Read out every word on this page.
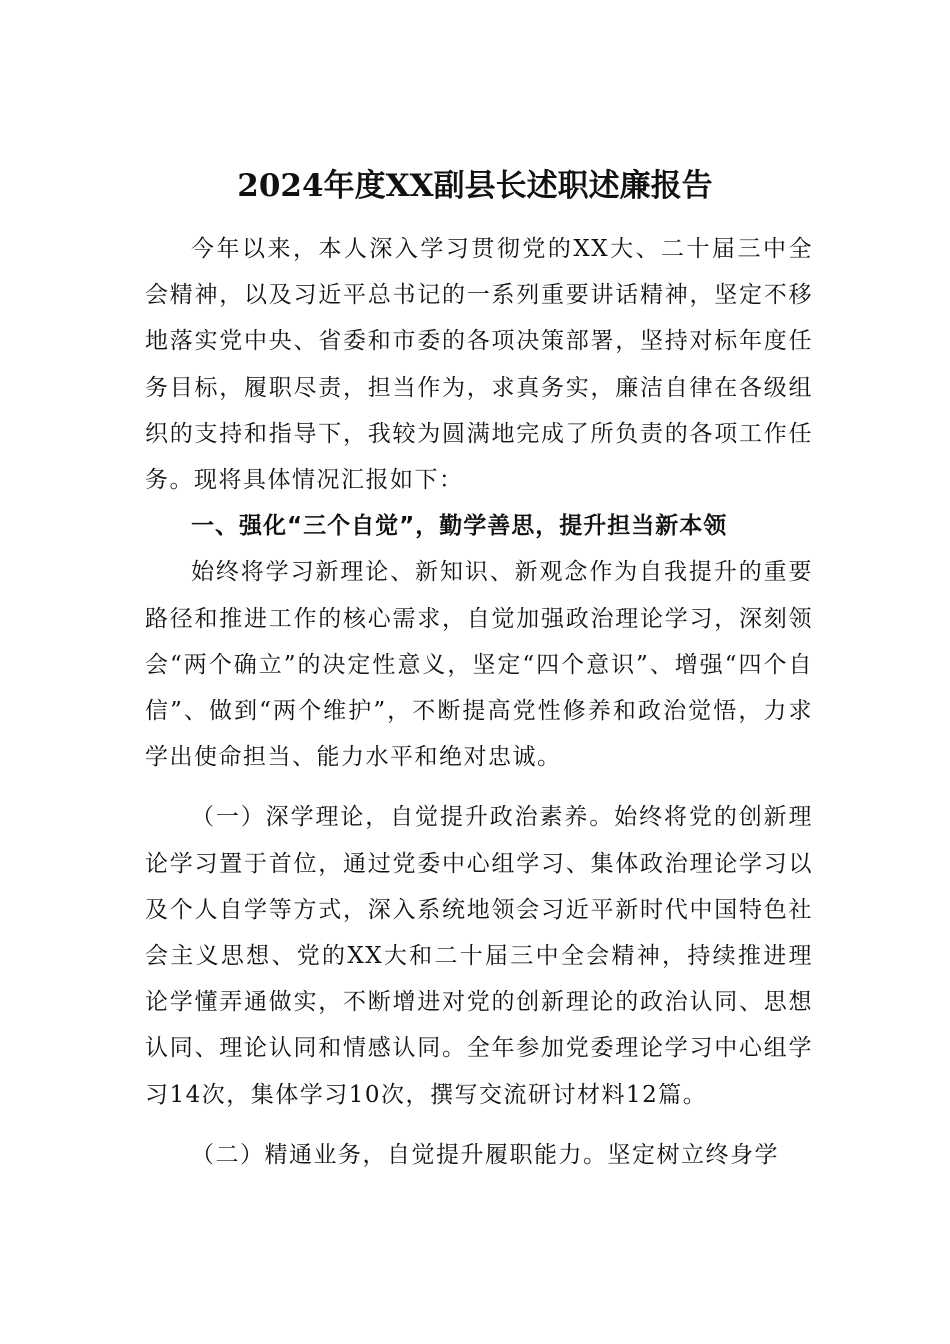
2024年度XX副县长述职述廉报告

今年以来，本人深入学习贯彻党的XX大、二十届三中全会精神，以及习近平总书记的一系列重要讲话精神，坚定不移地落实党中央、省委和市委的各项决策部署，坚持对标年度任务目标，履职尽责，担当作为，求真务实，廉洁自律在各级组织的支持和指导下，我较为圆满地完成了所负责的各项工作任务。现将具体情况汇报如下：

一、强化“三个自觉”，勤学善思，提升担当新本领

始终将学习新理论、新知识、新观念作为自我提升的重要路径和推进工作的核心需求，自觉加强政治理论学习，深刻领会“两个确立”的决定性意义，坚定“四个意识”、增强“四个自信”、做到“两个维护”，不断提高党性修养和政治觉悟，力求学出使命担当、能力水平和绝对忠诚。

（一）深学理论，自觉提升政治素养。始终将党的创新理论学习置于首位，通过党委中心组学习、集体政治理论学习以及个人自学等方式，深入系统地领会习近平新时代中国特色社会主义思想、党的XX大和二十届三中全会精神，持续推进理论学懂弄通做实，不断增进对党的创新理论的政治认同、思想认同、理论认同和情感认同。全年参加党委理论学习中心组学习14次，集体学习10次，撰写交流研讨材料12篇。

（二）精通业务，自觉提升履职能力。坚定树立终身学
